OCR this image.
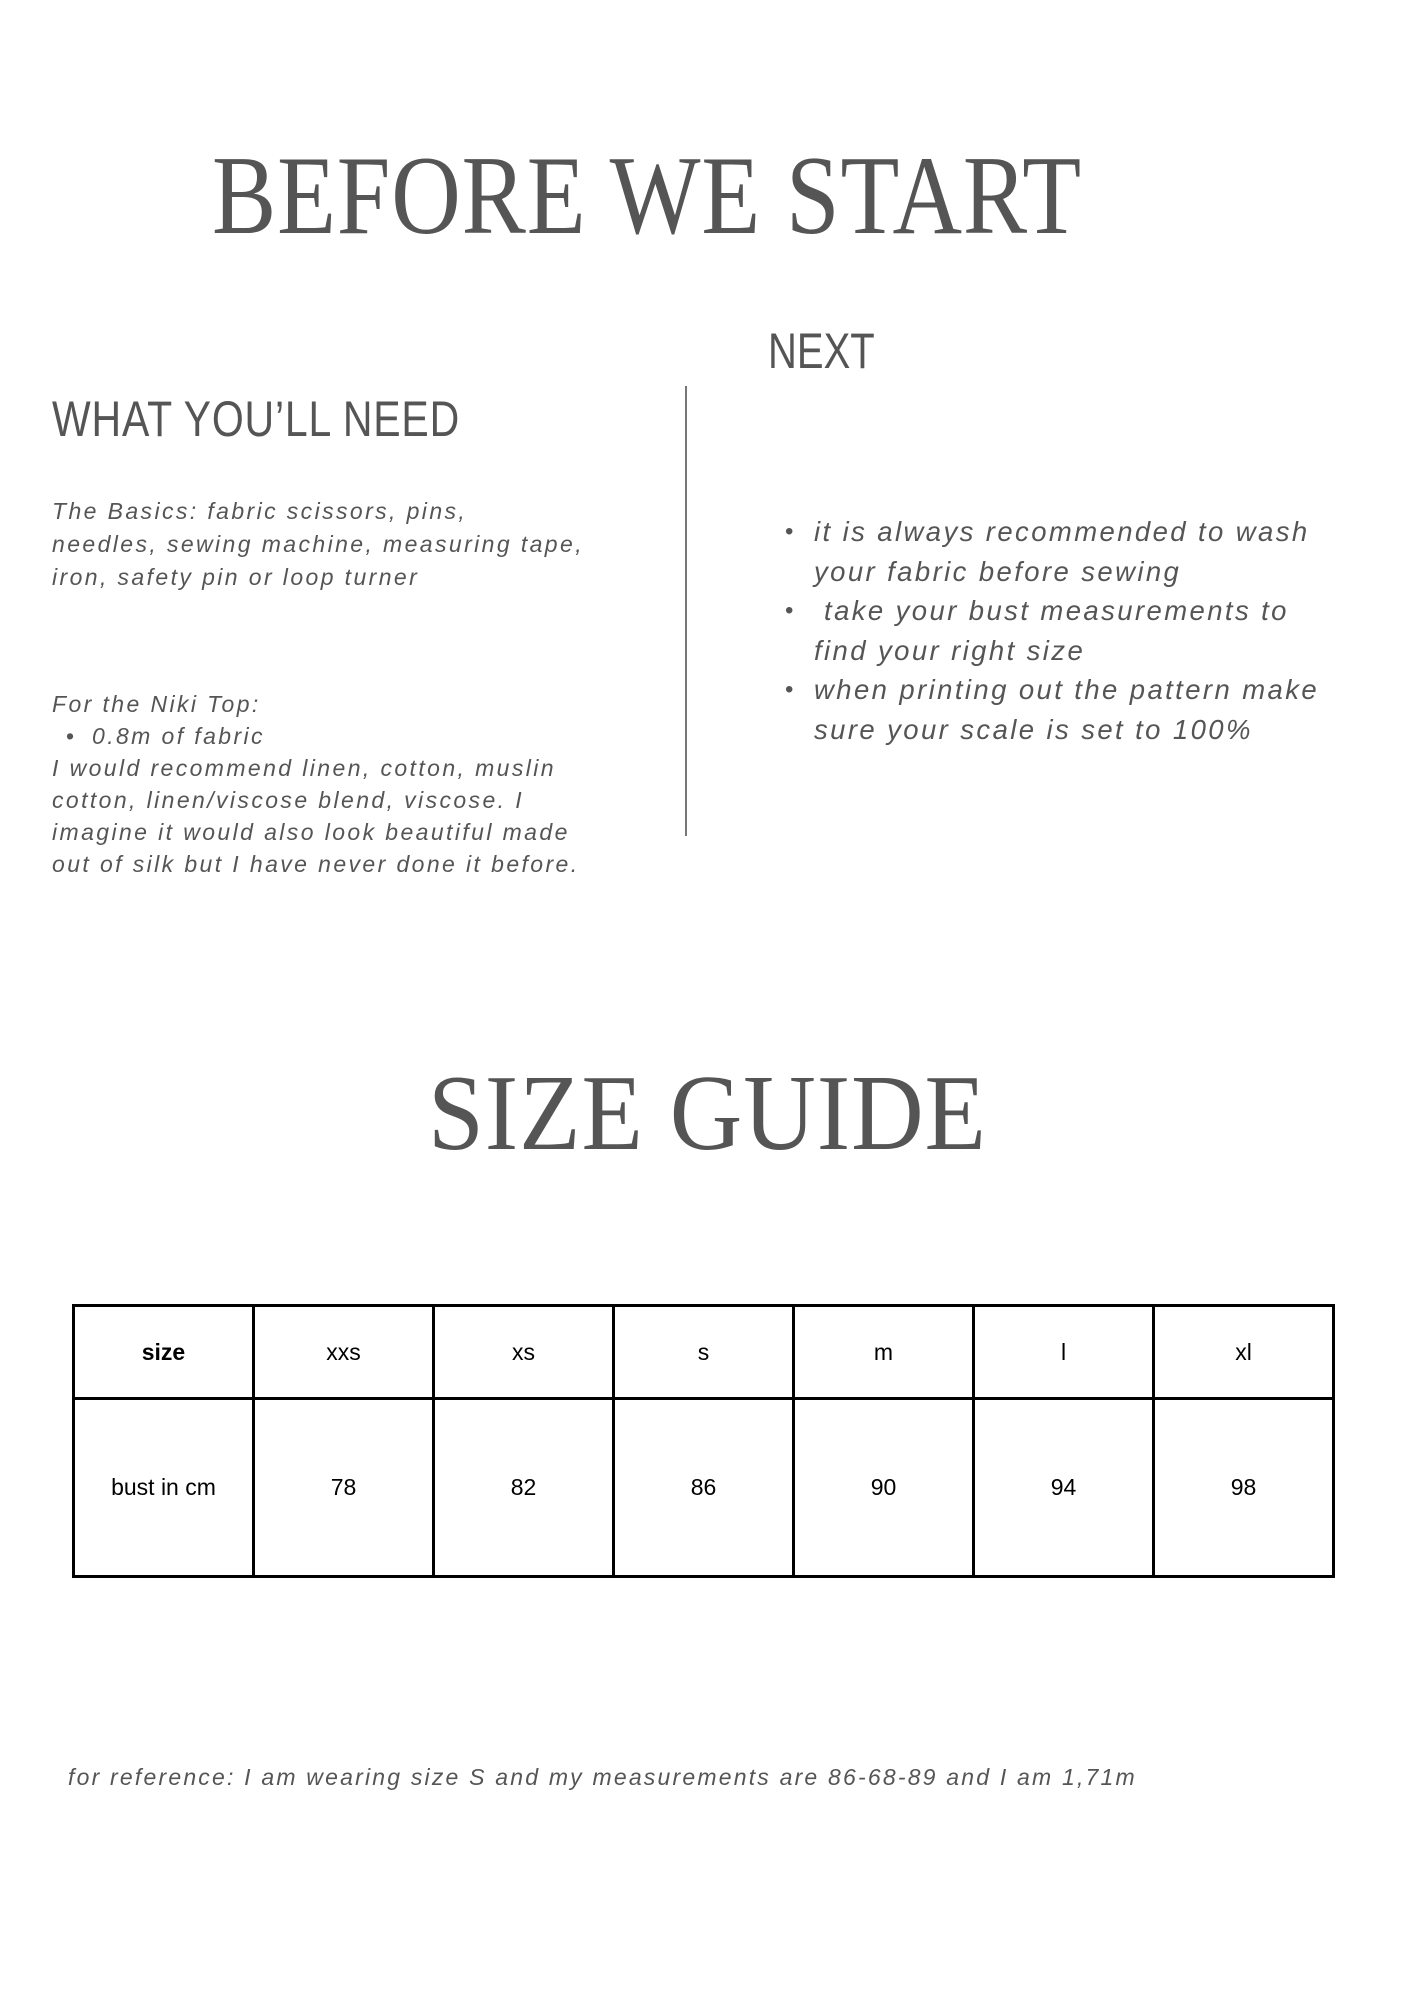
BEFORE WE START
NEXT
WHAT YOU’LL NEED

The Basics: fabric scissors, pins,
needles, sewing machine, measuring tape,
iron, safety pin or loop turner

For the Niki Top:
• 0.8m of fabric
I would recommend linen, cotton, muslin
cotton, linen/viscose blend, viscose. I
imagine it would also look beautiful made
out of silk but I have never done it before.
• it is always recommended to wash
your fabric before sewing
• take your bust measurements to
find your right size
• when printing out the pattern make
sure your scale is set to 100%
SIZE GUIDE
size	xxs	xs	s	m	l	xl
bust in cm	78	82	86	90	94	98

for reference: I am wearing size S and my measurements are 86-68-89 and I am 1,71m
